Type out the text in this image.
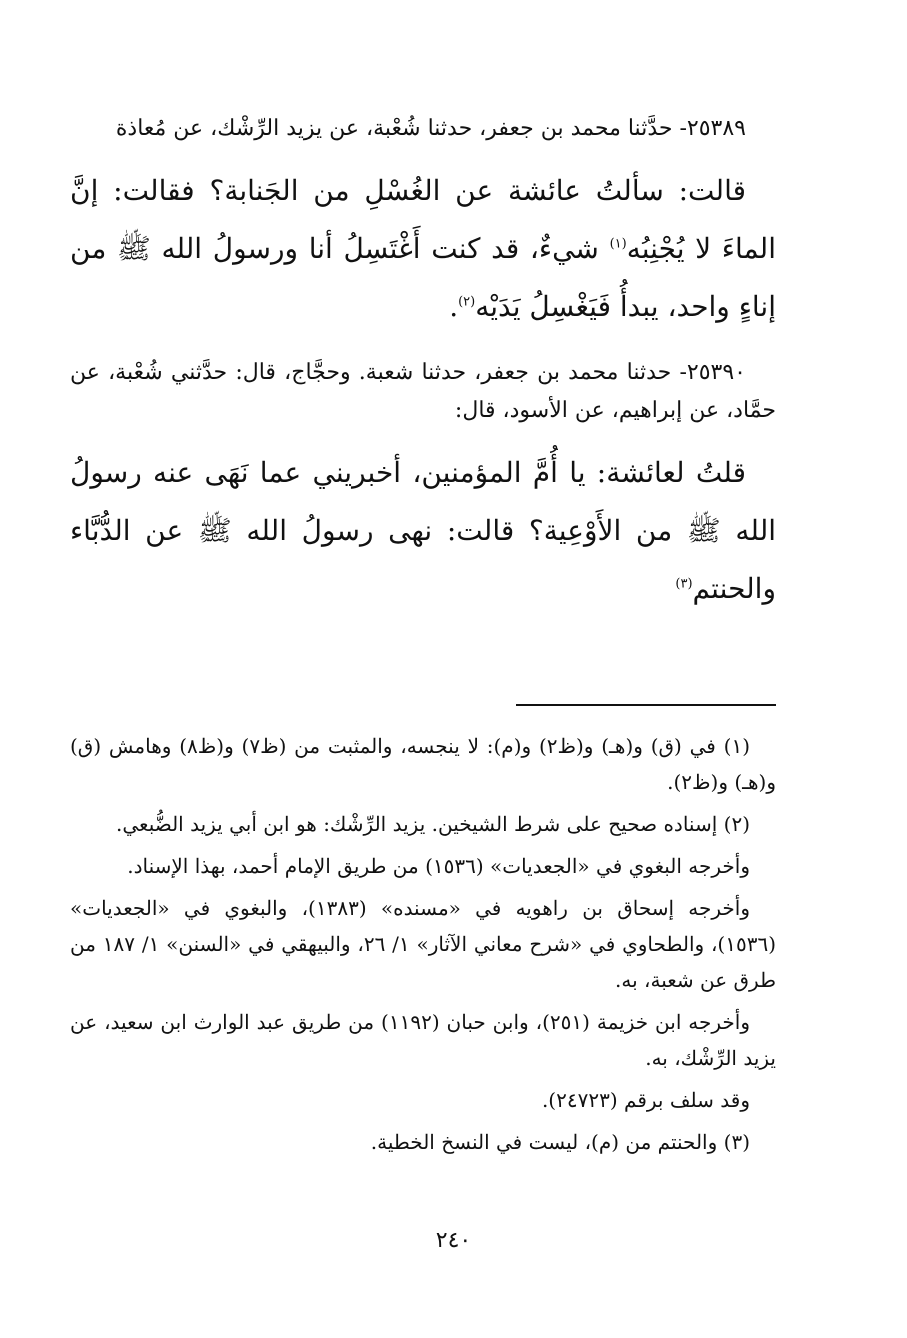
٢٥٣٨٩- حدَّثنا محمد بن جعفر، حدثنا شُعْبة، عن يزيد الرِّشْك، عن مُعاذة

قالت: سألتُ عائشة عن الغُسْلِ من الجَنابة؟ فقالت: إنَّ الماءَ لا يُجْنِبُه$^{(١)}$ شيءٌ، قد كنت أَغْتَسِلُ أنا ورسولُ الله ﷺ من إناءٍ واحد، يبدأُ فَيَغْسِلُ يَدَيْه$^{(٢)}$.

٢٥٣٩٠- حدثنا محمد بن جعفر، حدثنا شعبة. وحجَّاج، قال: حدَّثني شُعْبة، عن حمَّاد، عن إبراهيم، عن الأسود، قال:

قلتُ لعائشة: يا أُمَّ المؤمنين، أخبريني عما نَهَى عنه رسولُ الله ﷺ من الأَوْعِية؟ قالت: نهى رسولُ الله ﷺ عن الدُّبَّاء والحنتم$^{(٣)}$

(١) في (ق) و(هـ) و(ظ٢) و(م): لا ينجسه، والمثبت من (ظ٧) و(ظ٨) وهامش (ق) و(هـ) و(ظ٢).

(٢) إسناده صحيح على شرط الشيخين. يزيد الرِّشْك: هو ابن أبي يزيد الضُّبعي.

وأخرجه البغوي في «الجعديات» (١٥٣٦) من طريق الإمام أحمد، بهذا الإسناد.

وأخرجه إسحاق بن راهويه في «مسنده» (١٣٨٣)، والبغوي في «الجعديات» (١٥٣٦)، والطحاوي في «شرح معاني الآثار» ١/ ٢٦، والبيهقي في «السنن» ١/ ١٨٧ من طرق عن شعبة، به.

وأخرجه ابن خزيمة (٢٥١)، وابن حبان (١١٩٢) من طريق عبد الوارث ابن سعيد، عن يزيد الرِّشْك، به.

وقد سلف برقم (٢٤٧٢٣).

(٣) والحنتم من (م)، ليست في النسخ الخطية.

٢٤٠
